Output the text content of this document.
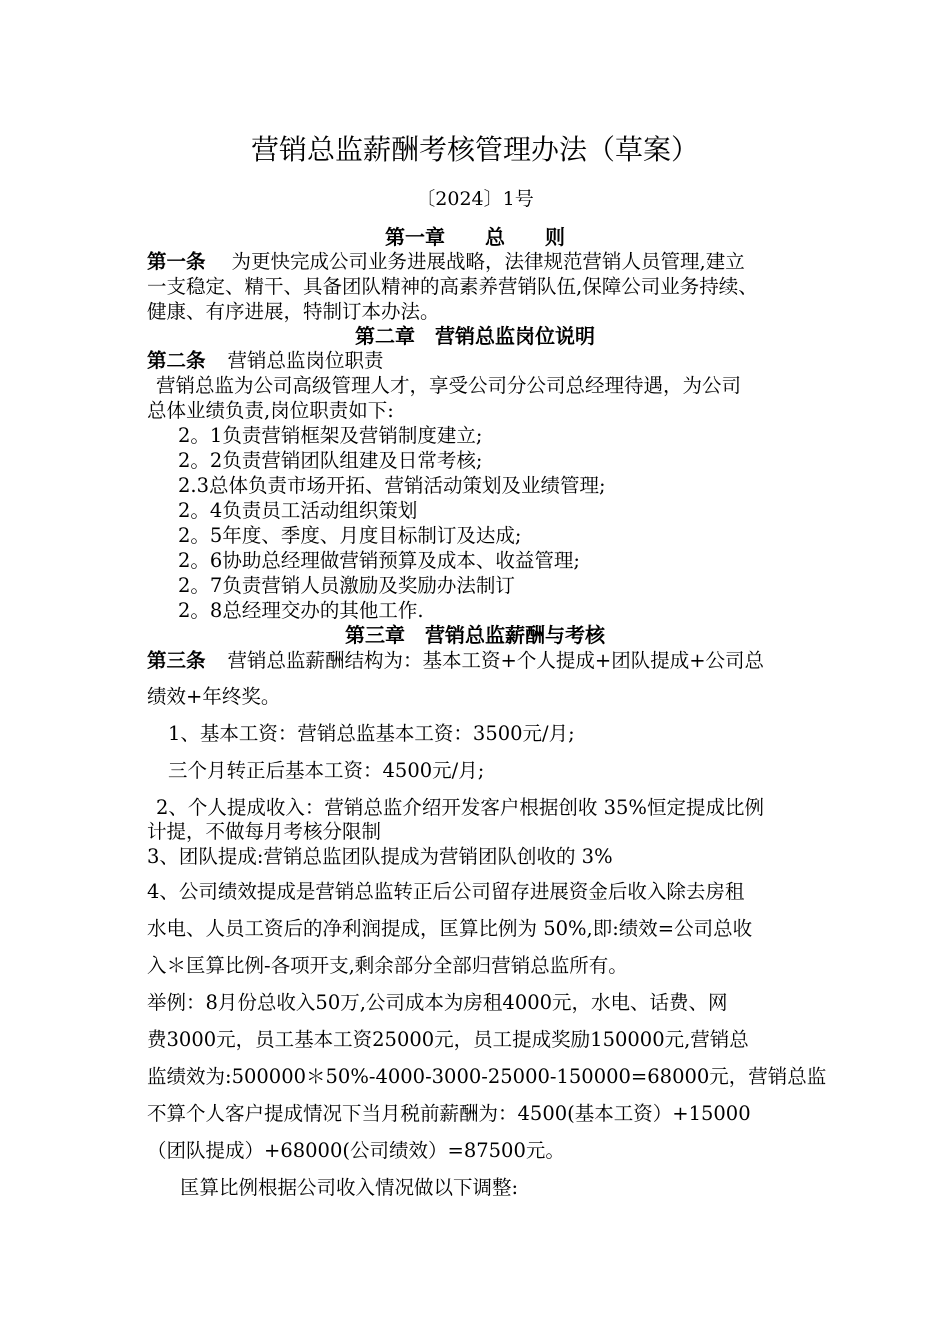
营销总监薪酬考核管理办法（草案）
〔2024〕1号
第一章　　总　　则
第一条 为更快完成公司业务进展战略，法律规范营销人员管理,建立
一支稳定、精干、具备团队精神的高素养营销队伍,保障公司业务持续、
健康、有序进展，特制订本办法。
第二章　营销总监岗位说明
第二条 营销总监岗位职责
营销总监为公司高级管理人才，享受公司分公司总经理待遇，为公司
总体业绩负责,岗位职责如下:
2。1负责营销框架及营销制度建立;
2。2负责营销团队组建及日常考核;
2.3总体负责市场开拓、营销活动策划及业绩管理;
2。4负责员工活动组织策划
2。5年度、季度、月度目标制订及达成;
2。6协助总经理做营销预算及成本、收益管理;
2。7负责营销人员激励及奖励办法制订
2。8总经理交办的其他工作.
第三章　营销总监薪酬与考核
第三条 营销总监薪酬结构为：基本工资+个人提成+团队提成+公司总
绩效+年终奖。
1、基本工资：营销总监基本工资：3500元/月;
三个月转正后基本工资：4500元/月;
2、个人提成收入：营销总监介绍开发客户根据创收 35%恒定提成比例
计提，不做每月考核分限制
3、团队提成:营销总监团队提成为营销团队创收的 3%
4、公司绩效提成是营销总监转正后公司留存进展资金后收入除去房租
水电、人员工资后的净利润提成，匡算比例为 50%,即:绩效=公司总收
入＊匡算比例-各项开支,剩余部分全部归营销总监所有。
举例：8月份总收入50万,公司成本为房租4000元，水电、话费、网
费3000元，员工基本工资25000元，员工提成奖励150000元,营销总
监绩效为:500000＊50%-4000-3000-25000-150000=68000元，营销总监
不算个人客户提成情况下当月税前薪酬为：4500(基本工资）+15000
（团队提成）+68000(公司绩效）=87500元。
匡算比例根据公司收入情况做以下调整:
